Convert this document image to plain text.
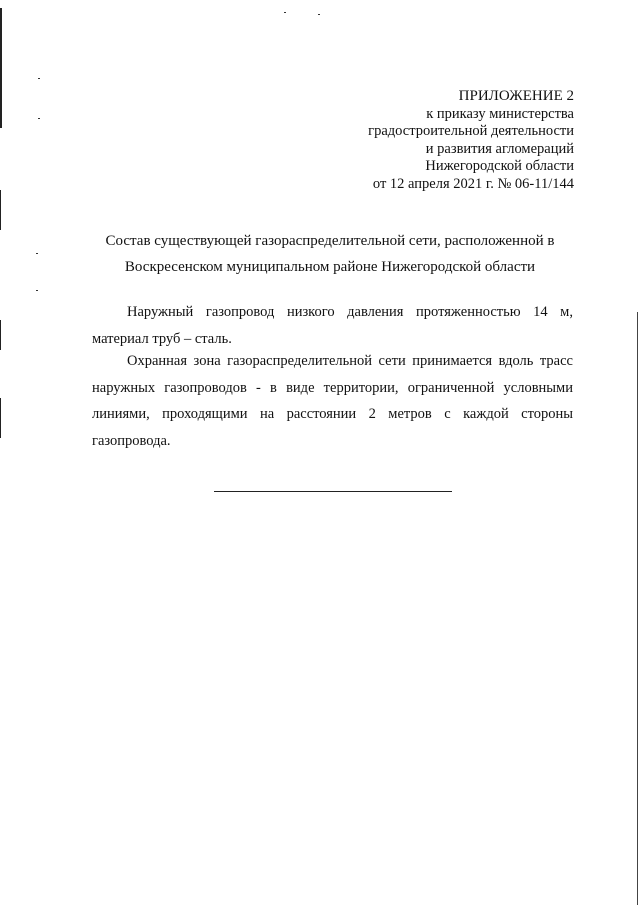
ПРИЛОЖЕНИЕ 2
к приказу министерства
градостроительной деятельности
и развития агломераций
Нижегородской области
от 12 апреля 2021 г. № 06-11/144
Состав существующей газораспределительной сети, расположенной в
Воскресенском муниципальном районе Нижегородской области

Наружный газопровод низкого давления протяженностью 14 м, материал труб – сталь.

Охранная зона газораспределительной сети принимается вдоль трасс наружных газопроводов - в виде территории, ограниченной условными линиями, проходящими на расстоянии 2 метров с каждой стороны газопровода.
